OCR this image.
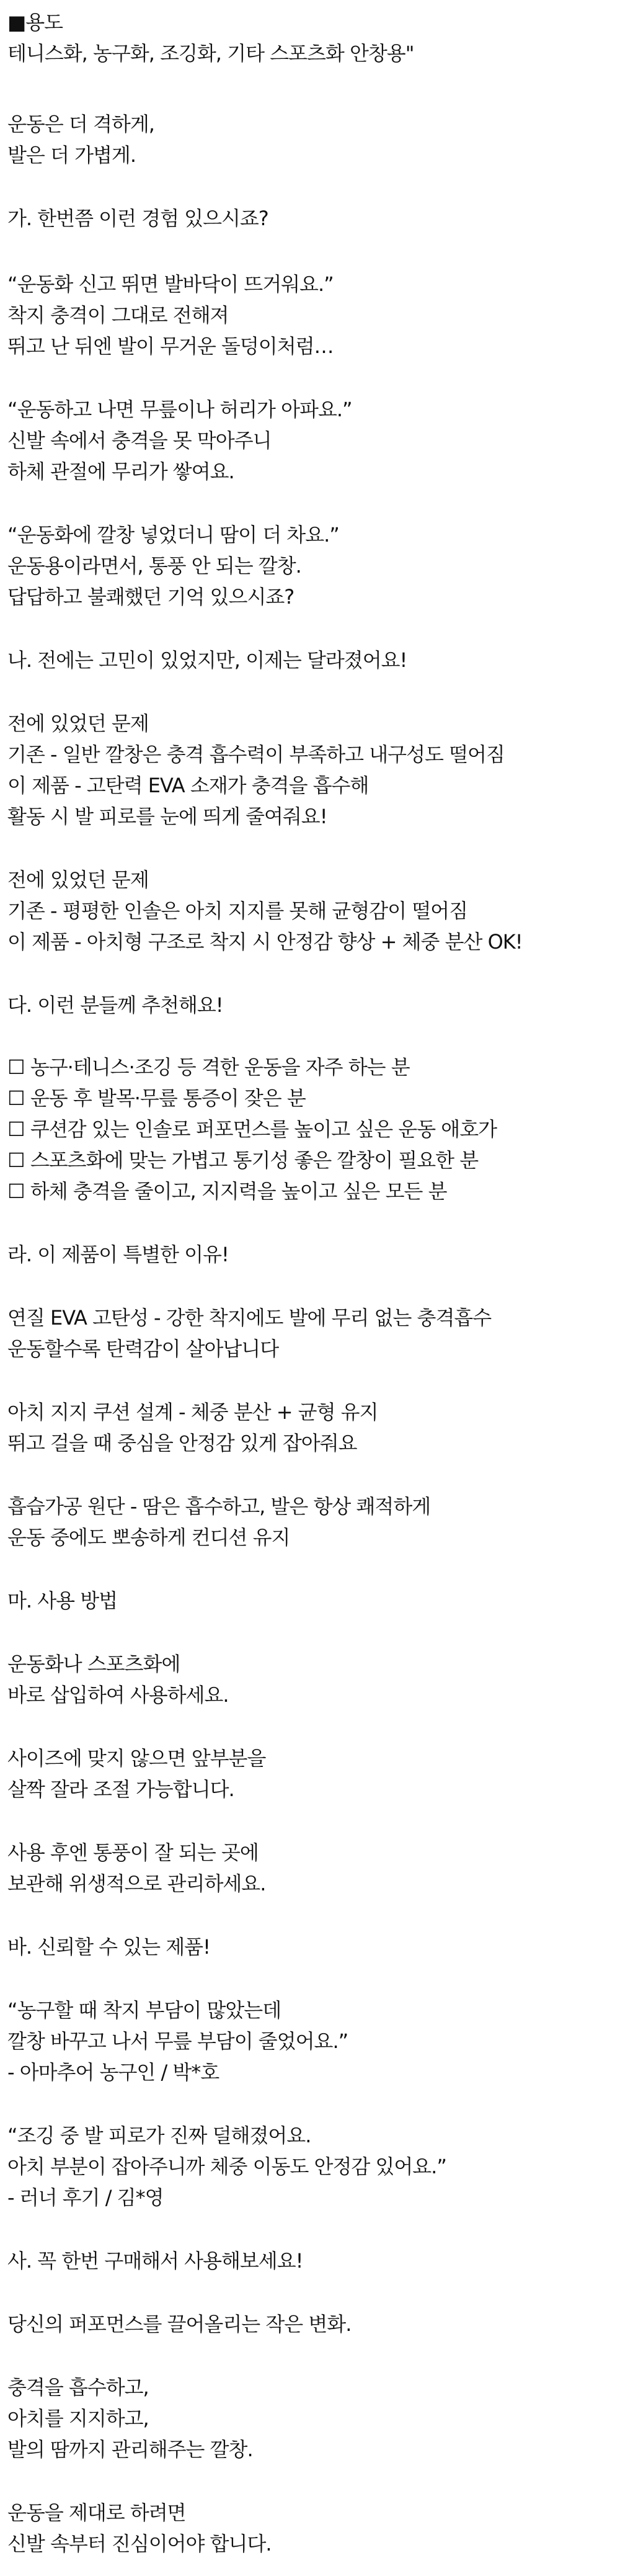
■용도

테니스화, 농구화, 조깅화, 기타 스포츠화 안창용"

운동은 더 격하게,

발은 더 가볍게.

가. 한번쯤 이런 경험 있으시죠?

“운동화 신고 뛰면 발바닥이 뜨거워요.”

착지 충격이 그대로 전해져

뛰고 난 뒤엔 발이 무거운 돌덩이처럼…

“운동하고 나면 무릎이나 허리가 아파요.”

신발 속에서 충격을 못 막아주니

하체 관절에 무리가 쌓여요.

“운동화에 깔창 넣었더니 땀이 더 차요.”

운동용이라면서, 통풍 안 되는 깔창.

답답하고 불쾌했던 기억 있으시죠?

나. 전에는 고민이 있었지만, 이제는 달라졌어요!

전에 있었던 문제

기존 - 일반 깔창은 충격 흡수력이 부족하고 내구성도 떨어짐

이 제품 - 고탄력 EVA 소재가 충격을 흡수해

활동 시 발 피로를 눈에 띄게 줄여줘요!

전에 있었던 문제

기존 - 평평한 인솔은 아치 지지를 못해 균형감이 떨어짐

이 제품 - 아치형 구조로 착지 시 안정감 향상 + 체중 분산 OK!

다. 이런 분들께 추천해요!

☐ 농구·테니스·조깅 등 격한 운동을 자주 하는 분

☐ 운동 후 발목·무릎 통증이 잦은 분

☐ 쿠션감 있는 인솔로 퍼포먼스를 높이고 싶은 운동 애호가

☐ 스포츠화에 맞는 가볍고 통기성 좋은 깔창이 필요한 분

☐ 하체 충격을 줄이고, 지지력을 높이고 싶은 모든 분

라. 이 제품이 특별한 이유!

연질 EVA 고탄성 - 강한 착지에도 발에 무리 없는 충격흡수

운동할수록 탄력감이 살아납니다

아치 지지 쿠션 설계 - 체중 분산 + 균형 유지

뛰고 걸을 때 중심을 안정감 있게 잡아줘요

흡습가공 원단 - 땀은 흡수하고, 발은 항상 쾌적하게

운동 중에도 뽀송하게 컨디션 유지

마. 사용 방법

운동화나 스포츠화에

바로 삽입하여 사용하세요.

사이즈에 맞지 않으면 앞부분을

살짝 잘라 조절 가능합니다.

사용 후엔 통풍이 잘 되는 곳에

보관해 위생적으로 관리하세요.

바. 신뢰할 수 있는 제품!

“농구할 때 착지 부담이 많았는데

깔창 바꾸고 나서 무릎 부담이 줄었어요.”

- 아마추어 농구인 / 박*호

“조깅 중 발 피로가 진짜 덜해졌어요.

아치 부분이 잡아주니까 체중 이동도 안정감 있어요.”

- 러너 후기 / 김*영

사. 꼭 한번 구매해서 사용해보세요!

당신의 퍼포먼스를 끌어올리는 작은 변화.

충격을 흡수하고,

아치를 지지하고,

발의 땀까지 관리해주는 깔창.

운동을 제대로 하려면

신발 속부터 진심이어야 합니다.
